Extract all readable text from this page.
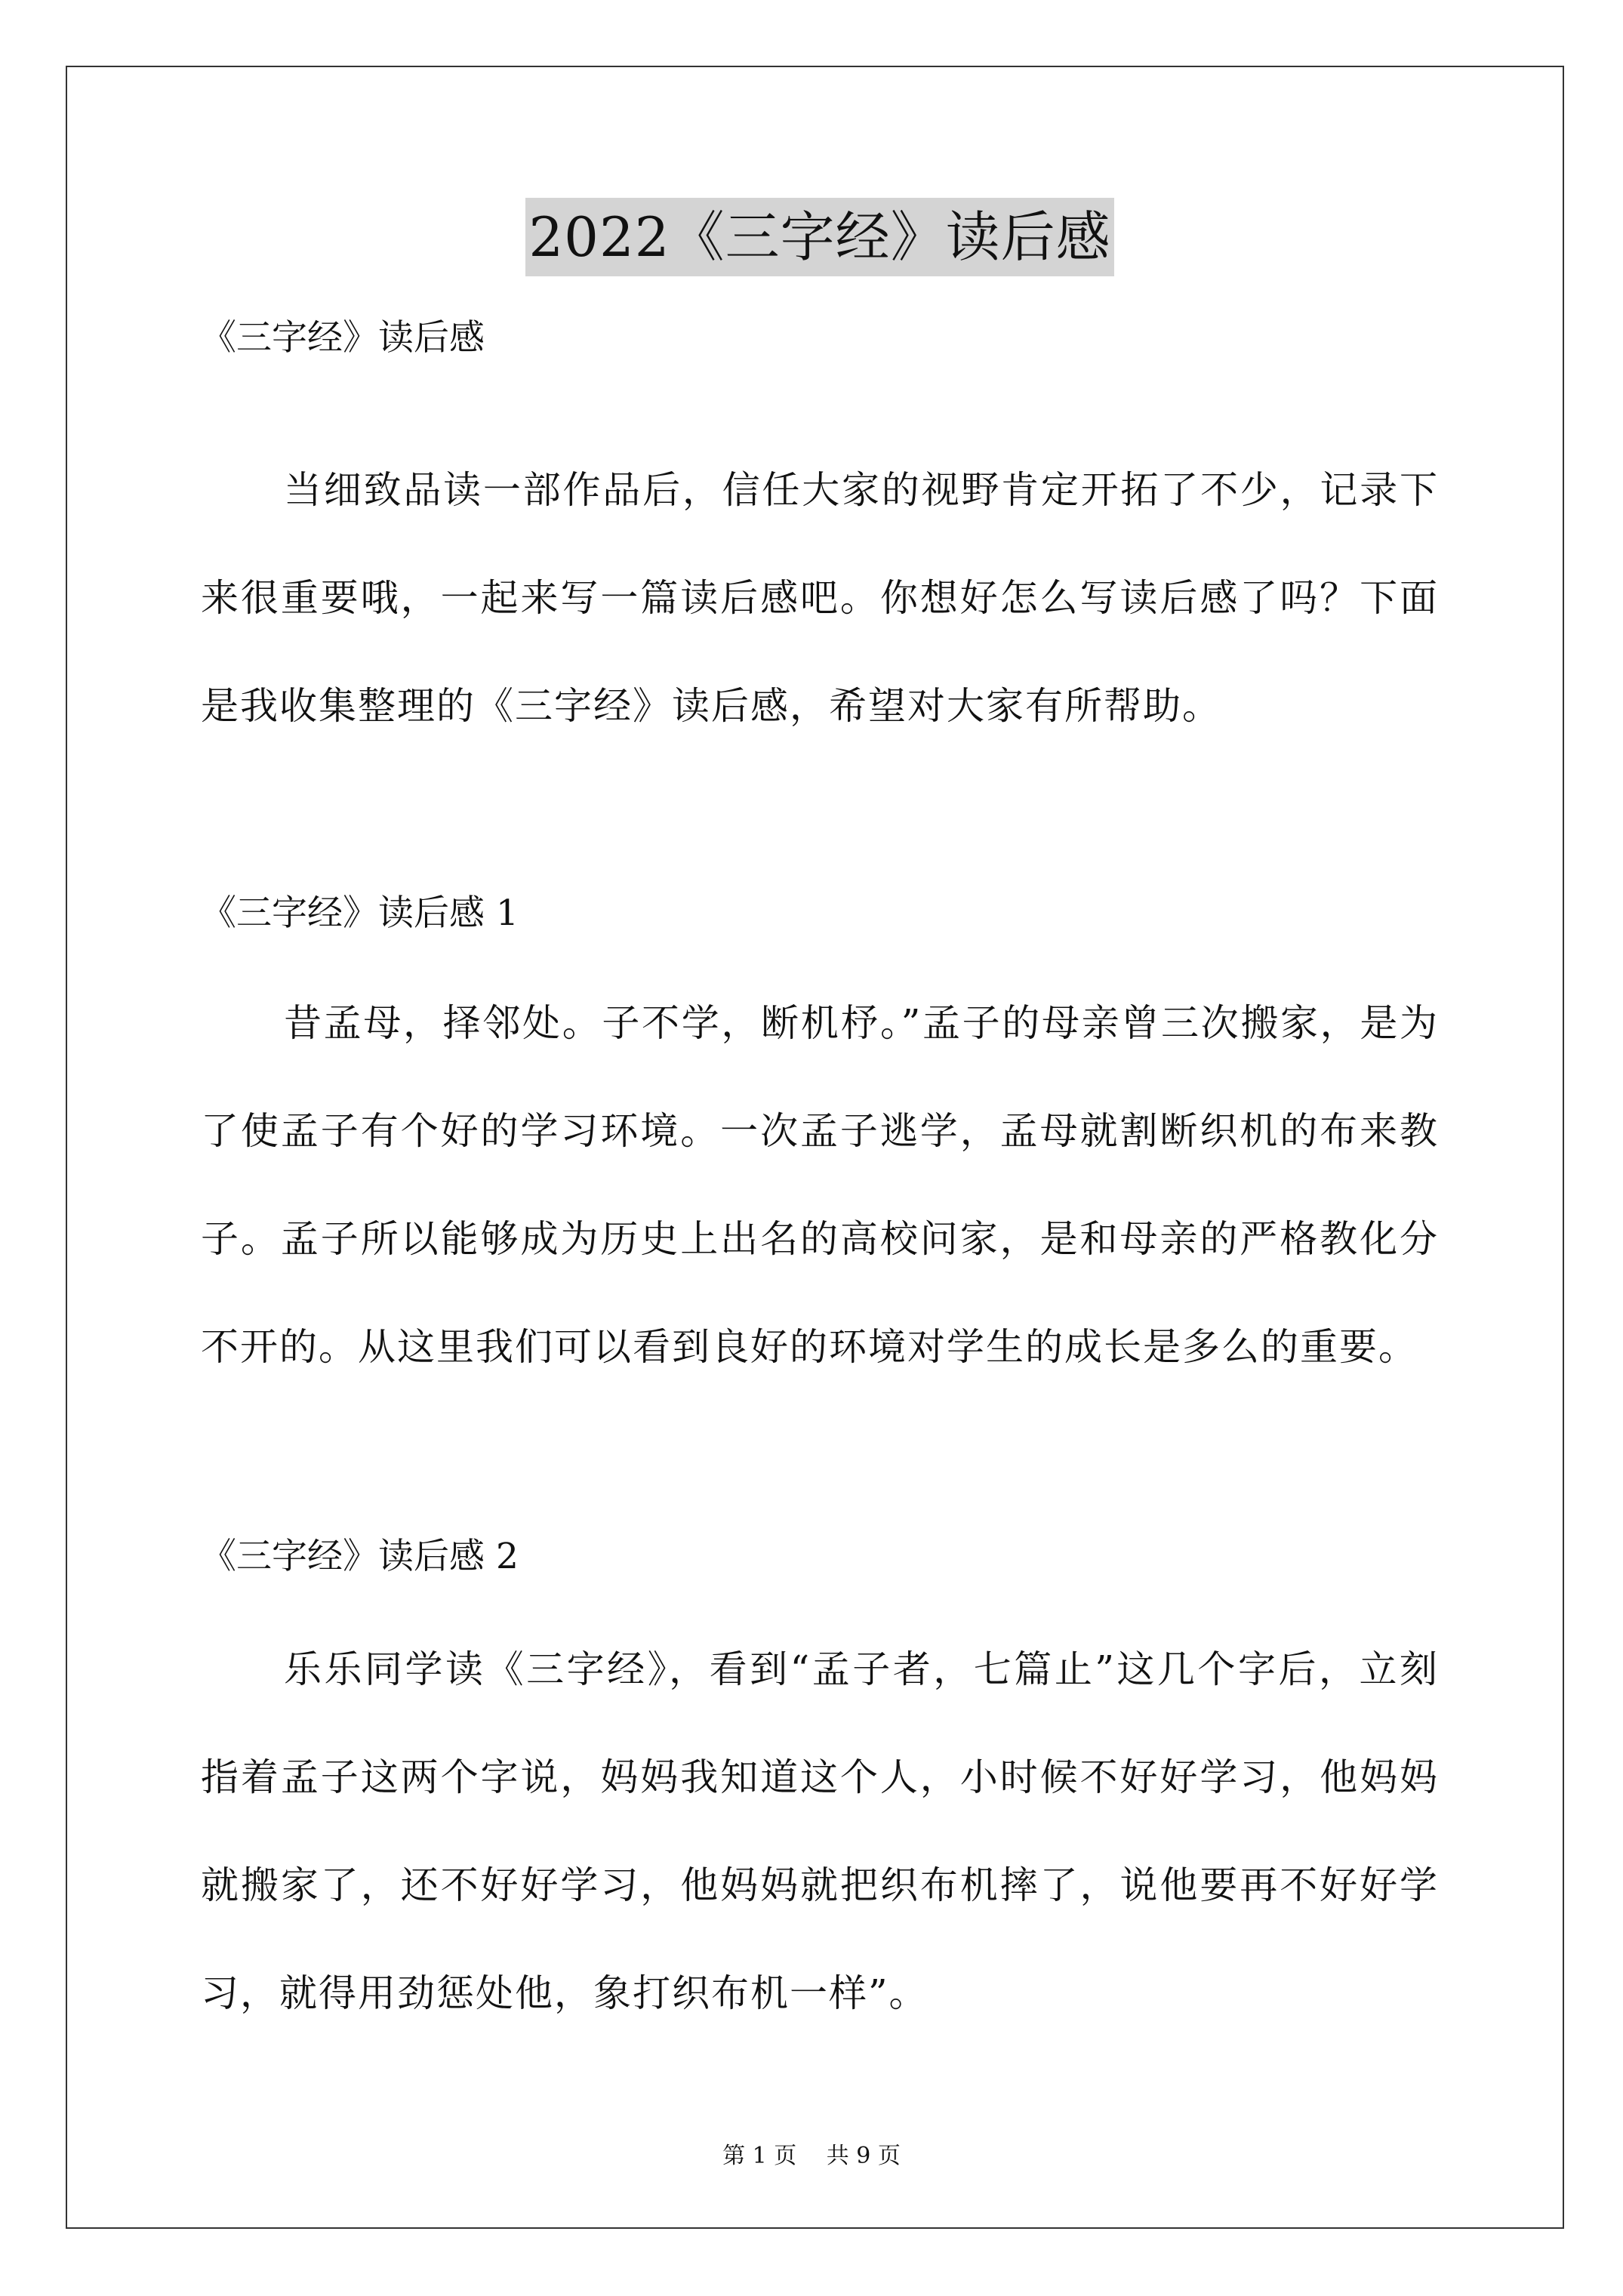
2022《三字经》读后感
《三字经》读后感
当细致品读一部作品后，信任大家的视野肯定开拓了不少，记录下来很重要哦，一起来写一篇读后感吧。你想好怎么写读后感了吗？下面是我收集整理的《三字经》读后感，希望对大家有所帮助。
《三字经》读后感 1
昔孟母，择邻处。子不学，断机杼。”孟子的母亲曾三次搬家，是为了使孟子有个好的学习环境。一次孟子逃学，孟母就割断织机的布来教子。孟子所以能够成为历史上出名的高校问家，是和母亲的严格教化分不开的。从这里我们可以看到良好的环境对学生的成长是多么的重要。
《三字经》读后感 2
乐乐同学读《三字经》，看到“孟子者，七篇止”这几个字后，立刻指着孟子这两个字说，妈妈我知道这个人，小时候不好好学习，他妈妈就搬家了，还不好好学习，他妈妈就把织布机摔了，说他要再不好好学习，就得用劲惩处他，象打织布机一样”。
第 1 页　 共 9 页
